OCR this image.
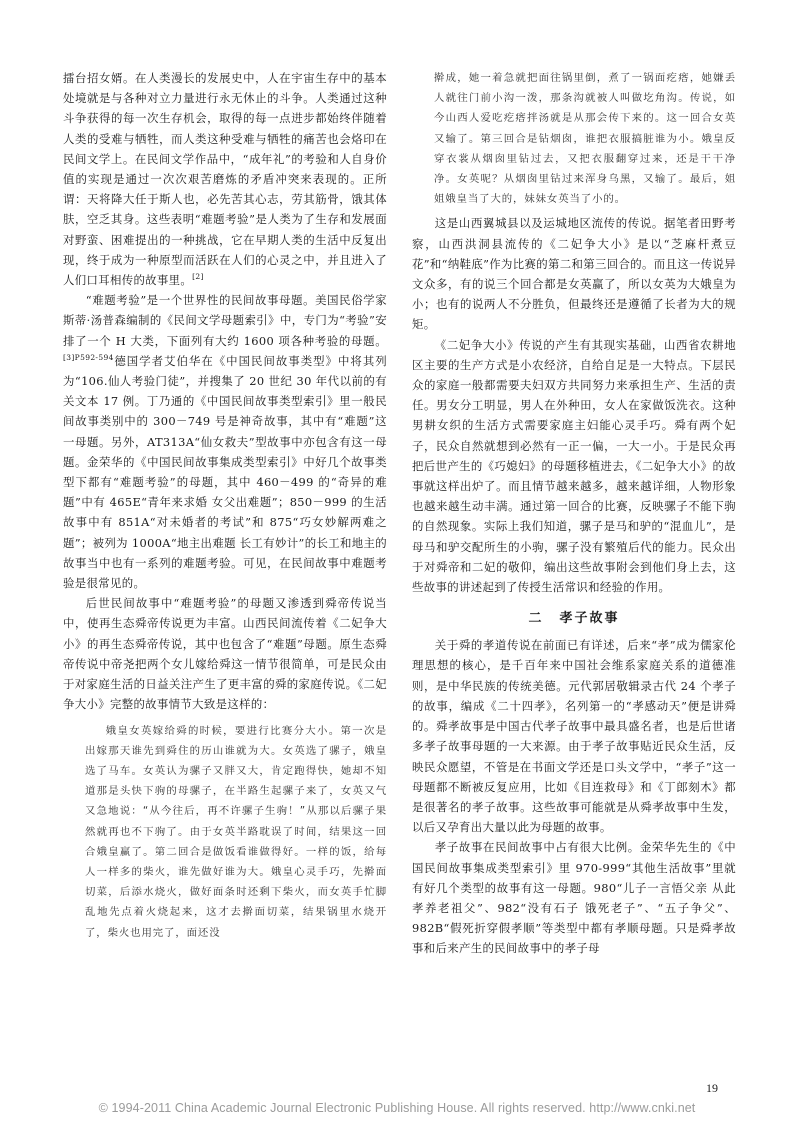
擂台招女婿。在人类漫长的发展史中，人在宇宙生存中的基本处境就是与各种对立力量进行永无休止的斗争。人类通过这种斗争获得的每一次生存机会，取得的每一点进步都始终伴随着人类的受难与牺牲，而人类这种受难与牺牲的痛苦也会烙印在民间文学上。在民间文学作品中，“成年礼”的考验和人自身价值的实现是通过一次次艰苦磨炼的矛盾冲突来表现的。正所谓：天将降大任于斯人也，必先苦其心志，劳其筋骨，饿其体肤，空乏其身。这些表明“难题考验”是人类为了生存和发展面对野蛮、困难提出的一种挑战，它在早期人类的生活中反复出现，终于成为一种原型而活跃在人们的心灵之中，并且进入了人们口耳相传的故事里。[2]

“难题考验”是一个世界性的民间故事母题。美国民俗学家斯蒂·汤普森编制的《民间文学母题索引》中，专门为“考验”安排了一个 H 大类，下面列有大约 1600 项各种考验的母题。$^{[3]P592-594}$德国学者艾伯华在《中国民间故事类型》中将其列为“106.仙人考验门徒”，并搜集了 20 世纪 30 年代以前的有关文本 17 例。丁乃通的《中国民间故事类型索引》里一般民间故事类别中的 300－749 号是神奇故事，其中有“难题”这一母题。另外，AT313A“仙女救夫”型故事中亦包含有这一母题。金荣华的《中国民间故事集成类型索引》中好几个故事类型下都有“难题考验”的母题，其中 460－499 的“奇异的难题”中有 465E“青年来求婚 女父出难题”；850－999 的生活故事中有 851A“对未婚者的考试”和 875“巧女妙解两难之题”；被列为 1000A“地主出难题 长工有妙计”的长工和地主的故事当中也有一系列的难题考验。可见，在民间故事中难题考验是很常见的。

后世民间故事中“难题考验”的母题又渗透到舜帝传说当中，使再生态舜帝传说更为丰富。山西民间流传着《二妃争大小》的再生态舜帝传说，其中也包含了“难题”母题。原生态舜帝传说中帝尧把两个女儿嫁给舜这一情节很简单，可是民众由于对家庭生活的日益关注产生了更丰富的舜的家庭传说。《二妃争大小》完整的故事情节大致是这样的：

娥皇女英嫁给舜的时候，要进行比赛分大小。第一次是出嫁那天谁先到舜住的历山谁就为大。女英选了骡子，娥皇选了马车。女英认为骡子又胖又大，肯定跑得快，她却不知道那是头快下驹的母骡子，在半路生起骡子来了，女英又气又急地说：“从今往后，再不许骡子生驹！”从那以后骡子果然就再也不下驹了。由于女英半路耽误了时间，结果这一回合娥皇赢了。第二回合是做饭看谁做得好。一样的饭，给每人一样多的柴火，谁先做好谁为大。娥皇心灵手巧，先擀面切菜，后添水烧火，做好面条时还剩下柴火，而女英手忙脚乱地先点着火烧起来，这才去擀面切菜，结果锅里水烧开了，柴火也用完了，面还没

擀成，她一着急就把面往锅里倒，煮了一锅面疙瘩，她嫌丢人就往门前小沟一泼，那条沟就被人叫做圪角沟。传说，如今山西人爱吃疙瘩拌汤就是从那会传下来的。这一回合女英又输了。第三回合是钻烟囱，谁把衣服搞脏谁为小。娥皇反穿衣裳从烟囱里钻过去，又把衣服翻穿过来，还是干干净净。女英呢？从烟囱里钻过来浑身乌黑，又输了。最后，姐姐娥皇当了大的，妹妹女英当了小的。

这是山西翼城县以及运城地区流传的传说。据笔者田野考察，山西洪洞县流传的《二妃争大小》是以“芝麻杆煮豆花”和“纳鞋底”作为比赛的第二和第三回合的。而且这一传说异文众多，有的说三个回合都是女英赢了，所以女英为大娥皇为小；也有的说两人不分胜负，但最终还是遵循了长者为大的规矩。

《二妃争大小》传说的产生有其现实基础，山西省农耕地区主要的生产方式是小农经济，自给自足是一大特点。下层民众的家庭一般都需要夫妇双方共同努力来承担生产、生活的责任。男女分工明显，男人在外种田，女人在家做饭洗衣。这种男耕女织的生活方式需要家庭主妇能心灵手巧。舜有两个妃子，民众自然就想到必然有一正一偏，一大一小。于是民众再把后世产生的《巧媳妇》的母题移植进去，《二妃争大小》的故事就这样出炉了。而且情节越来越多，越来越详细，人物形象也越来越生动丰满。通过第一回合的比赛，反映骡子不能下驹的自然现象。实际上我们知道，骡子是马和驴的“混血儿”，是母马和驴交配所生的小驹，骡子没有繁殖后代的能力。民众出于对舜帝和二妃的敬仰，编出这些故事附会到他们身上去，这些故事的讲述起到了传授生活常识和经验的作用。

二 孝子故事

关于舜的孝道传说在前面已有详述，后来“孝”成为儒家伦理思想的核心，是千百年来中国社会维系家庭关系的道德准则，是中华民族的传统美德。元代郭居敬辑录古代 24 个孝子的故事，编成《二十四孝》，名列第一的“孝感动天”便是讲舜的。舜孝故事是中国古代孝子故事中最具盛名者，也是后世诸多孝子故事母题的一大来源。由于孝子故事贴近民众生活，反映民众愿望，不管是在书面文学还是口头文学中，“孝子”这一母题都不断被反复应用，比如《目连救母》和《丁郎刻木》都是很著名的孝子故事。这些故事可能就是从舜孝故事中生发，以后又孕育出大量以此为母题的故事。

孝子故事在民间故事中占有很大比例。金荣华先生的《中国民间故事集成类型索引》里 970-999“其他生活故事”里就有好几个类型的故事有这一母题。980“儿子一言悟父亲 从此孝养老祖父”、982“没有石子 饿死老子”、“五子争父”、982B“假死折穿假孝顺”等类型中都有孝顺母题。只是舜孝故事和后来产生的民间故事中的孝子母

19
© 1994-2011 China Academic Journal Electronic Publishing House. All rights reserved. http://www.cnki.net
